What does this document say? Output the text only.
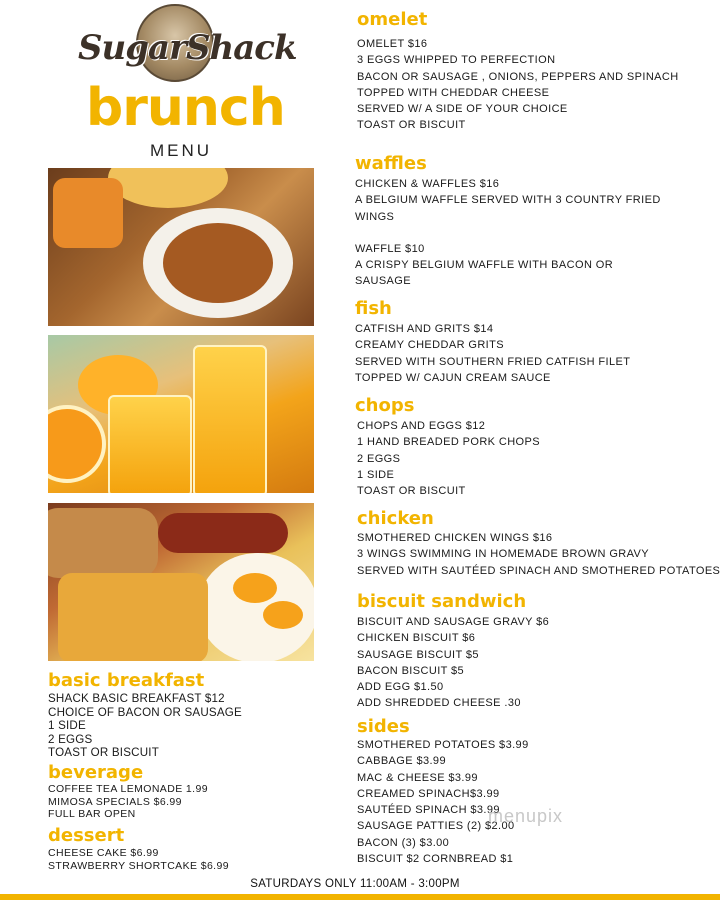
SugarShack
brunch
MENU
omelet
OMELET $16
3 EGGS WHIPPED TO PERFECTION
BACON OR SAUSAGE , ONIONS, PEPPERS AND SPINACH
TOPPED WITH CHEDDAR CHEESE
SERVED W/ A SIDE OF YOUR CHOICE
TOAST OR BISCUIT
waffles
CHICKEN & WAFFLES $16
A BELGIUM WAFFLE SERVED WITH 3 COUNTRY FRIED
WINGS
WAFFLE $10
A CRISPY BELGIUM WAFFLE WITH BACON OR
SAUSAGE
fish
CATFISH AND GRITS $14
CREAMY CHEDDAR GRITS
SERVED WITH SOUTHERN FRIED CATFISH FILET
TOPPED W/ CAJUN CREAM SAUCE
chops
CHOPS AND EGGS $12
1 HAND BREADED PORK CHOPS
2 EGGS
1 SIDE
TOAST OR BISCUIT
chicken
SMOTHERED CHICKEN WINGS $16
3 WINGS SWIMMING IN HOMEMADE BROWN GRAVY
SERVED WITH SAUTÉED SPINACH AND SMOTHERED POTATOES
biscuit sandwich
BISCUIT AND SAUSAGE GRAVY $6
CHICKEN BISCUIT $6
SAUSAGE BISCUIT $5
BACON BISCUIT $5
ADD EGG $1.50
ADD SHREDDED CHEESE .30
sides
SMOTHERED POTATOES $3.99
CABBAGE $3.99
MAC & CHEESE $3.99
CREAMED SPINACH$3.99
SAUTÉED SPINACH $3.99
SAUSAGE PATTIES (2) $2.00
BACON (3) $3.00
BISCUIT $2 CORNBREAD $1
menupix
basic breakfast
SHACK BASIC BREAKFAST $12
CHOICE OF BACON OR SAUSAGE
1 SIDE
2 EGGS
TOAST OR BISCUIT
beverage
COFFEE TEA LEMONADE 1.99
MIMOSA SPECIALS $6.99
FULL BAR OPEN
dessert
CHEESE CAKE $6.99
STRAWBERRY SHORTCAKE $6.99
SATURDAYS ONLY 11:00AM - 3:00PM
